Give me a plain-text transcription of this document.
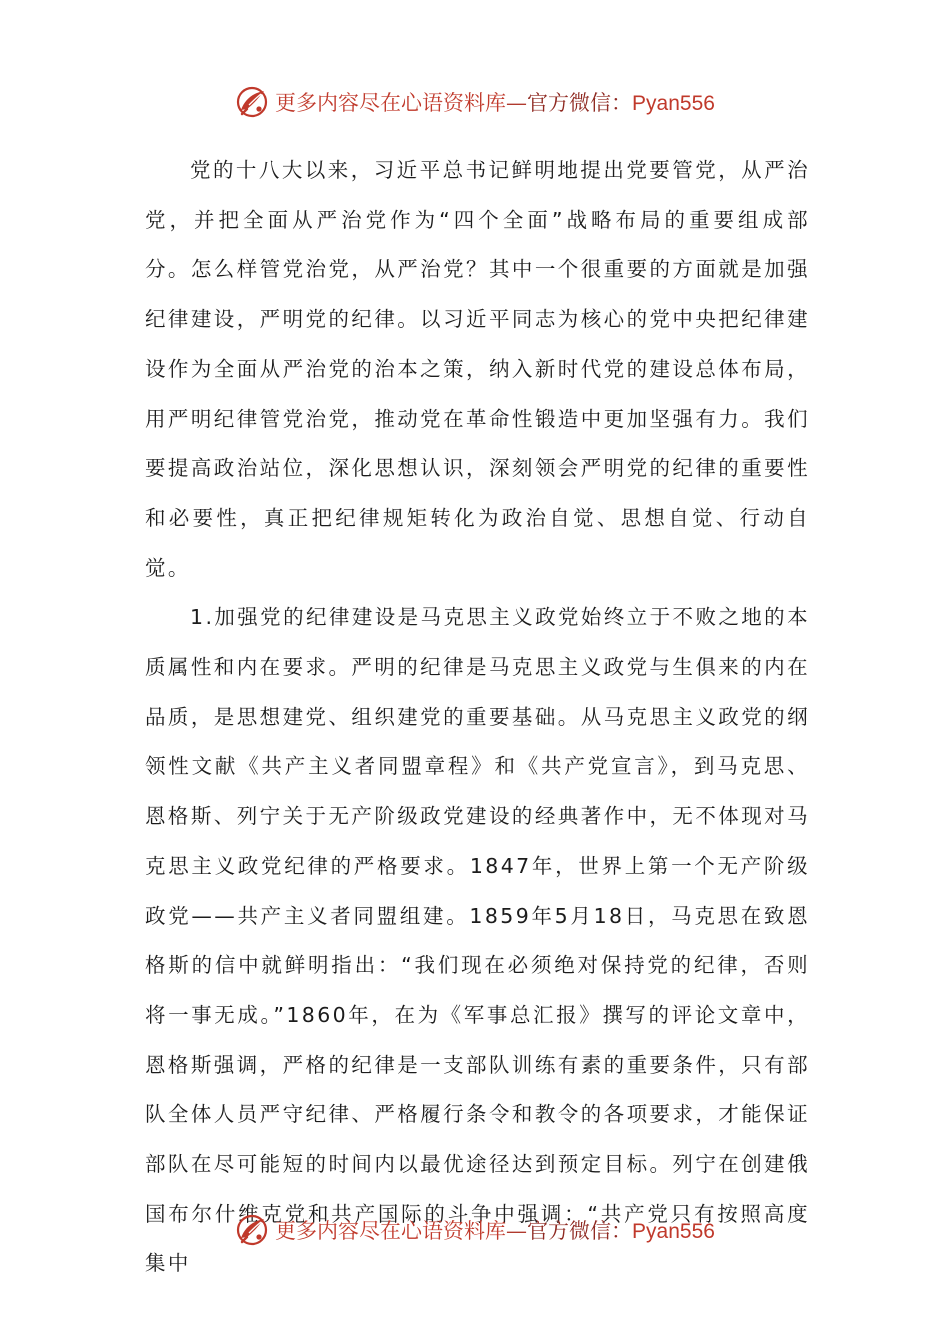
更多内容尽在心语资料库—官方微信：Pyan556

党的十八大以来，习近平总书记鲜明地提出党要管党，从严治党，并把全面从严治党作为“四个全面”战略布局的重要组成部分。怎么样管党治党，从严治党？其中一个很重要的方面就是加强纪律建设，严明党的纪律。以习近平同志为核心的党中央把纪律建设作为全面从严治党的治本之策，纳入新时代党的建设总体布局，用严明纪律管党治党，推动党在革命性锻造中更加坚强有力。我们要提高政治站位，深化思想认识，深刻领会严明党的纪律的重要性和必要性，真正把纪律规矩转化为政治自觉、思想自觉、行动自觉。

1.加强党的纪律建设是马克思主义政党始终立于不败之地的本质属性和内在要求。严明的纪律是马克思主义政党与生俱来的内在品质，是思想建党、组织建党的重要基础。从马克思主义政党的纲领性文献《共产主义者同盟章程》和《共产党宣言》，到马克思、恩格斯、列宁关于无产阶级政党建设的经典著作中，无不体现对马克思主义政党纪律的严格要求。1847年，世界上第一个无产阶级政党——共产主义者同盟组建。1859年5月18日，马克思在致恩格斯的信中就鲜明指出：“我们现在必须绝对保持党的纪律，否则将一事无成。”1860年，在为《军事总汇报》撰写的评论文章中，恩格斯强调，严格的纪律是一支部队训练有素的重要条件，只有部队全体人员严守纪律、严格履行条令和教令的各项要求，才能保证部队在尽可能短的时间内以最优途径达到预定目标。列宁在创建俄国布尔什维克党和共产国际的斗争中强调：“共产党只有按照高度集中

更多内容尽在心语资料库—官方微信：Pyan556
